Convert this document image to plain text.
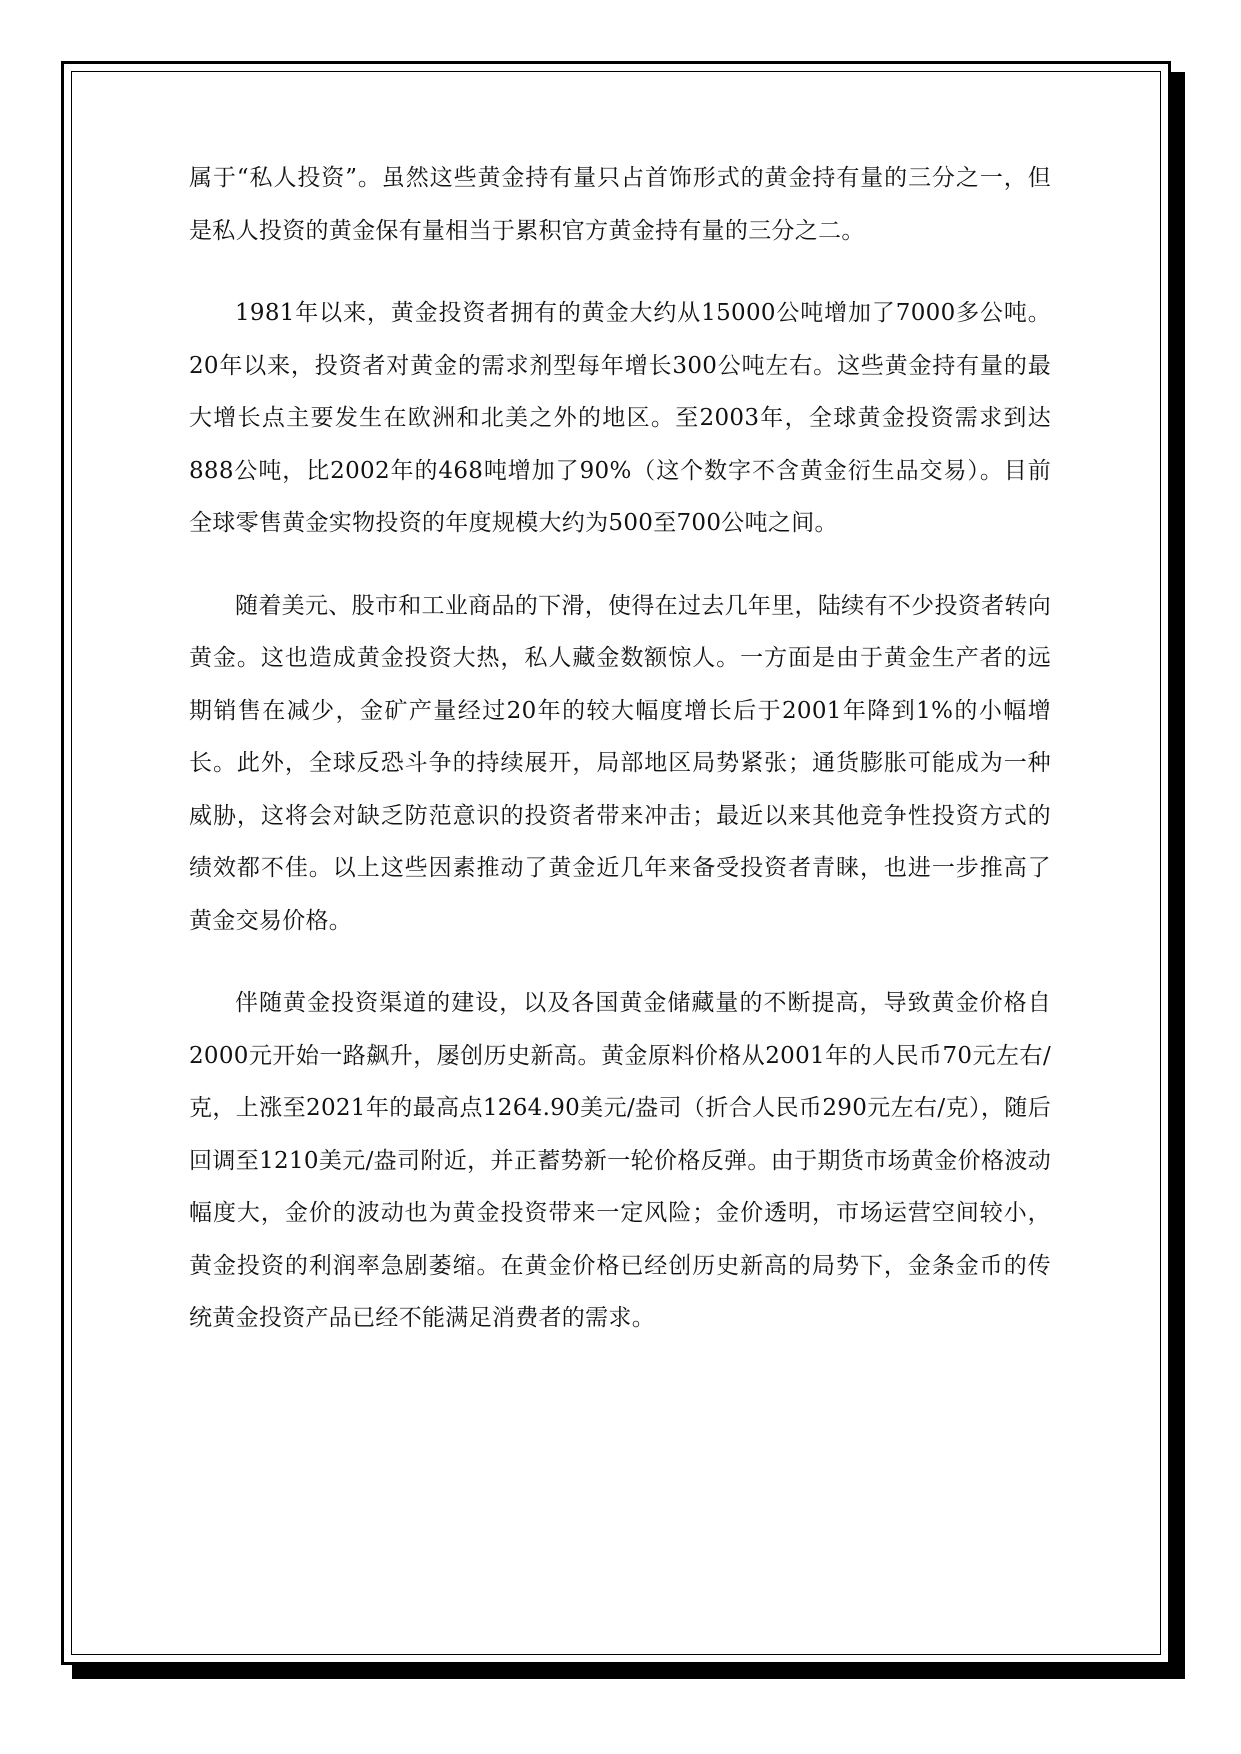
属于“私人投资”。虽然这些黄金持有量只占首饰形式的黄金持有量的三分之一，但是私人投资的黄金保有量相当于累积官方黄金持有量的三分之二。

1981年以来，黄金投资者拥有的黄金大约从15000公吨增加了7000多公吨。20年以来，投资者对黄金的需求剂型每年增长300公吨左右。这些黄金持有量的最大增长点主要发生在欧洲和北美之外的地区。至2003年，全球黄金投资需求到达888公吨，比2002年的468吨增加了90%（这个数字不含黄金衍生品交易）。目前全球零售黄金实物投资的年度规模大约为500至700公吨之间。

随着美元、股市和工业商品的下滑，使得在过去几年里，陆续有不少投资者转向黄金。这也造成黄金投资大热，私人藏金数额惊人。一方面是由于黄金生产者的远期销售在减少，金矿产量经过20年的较大幅度增长后于2001年降到1%的小幅增长。此外，全球反恐斗争的持续展开，局部地区局势紧张；通货膨胀可能成为一种威胁，这将会对缺乏防范意识的投资者带来冲击；最近以来其他竞争性投资方式的绩效都不佳。以上这些因素推动了黄金近几年来备受投资者青睐，也进一步推高了黄金交易价格。

伴随黄金投资渠道的建设，以及各国黄金储藏量的不断提高，导致黄金价格自2000元开始一路飙升，屡创历史新高。黄金原料价格从2001年的人民币70元左右/克，上涨至2021年的最高点1264.90美元/盎司（折合人民币290元左右/克），随后回调至1210美元/盎司附近，并正蓄势新一轮价格反弹。由于期货市场黄金价格波动幅度大，金价的波动也为黄金投资带来一定风险；金价透明，市场运营空间较小，黄金投资的利润率急剧萎缩。在黄金价格已经创历史新高的局势下，金条金币的传统黄金投资产品已经不能满足消费者的需求。
